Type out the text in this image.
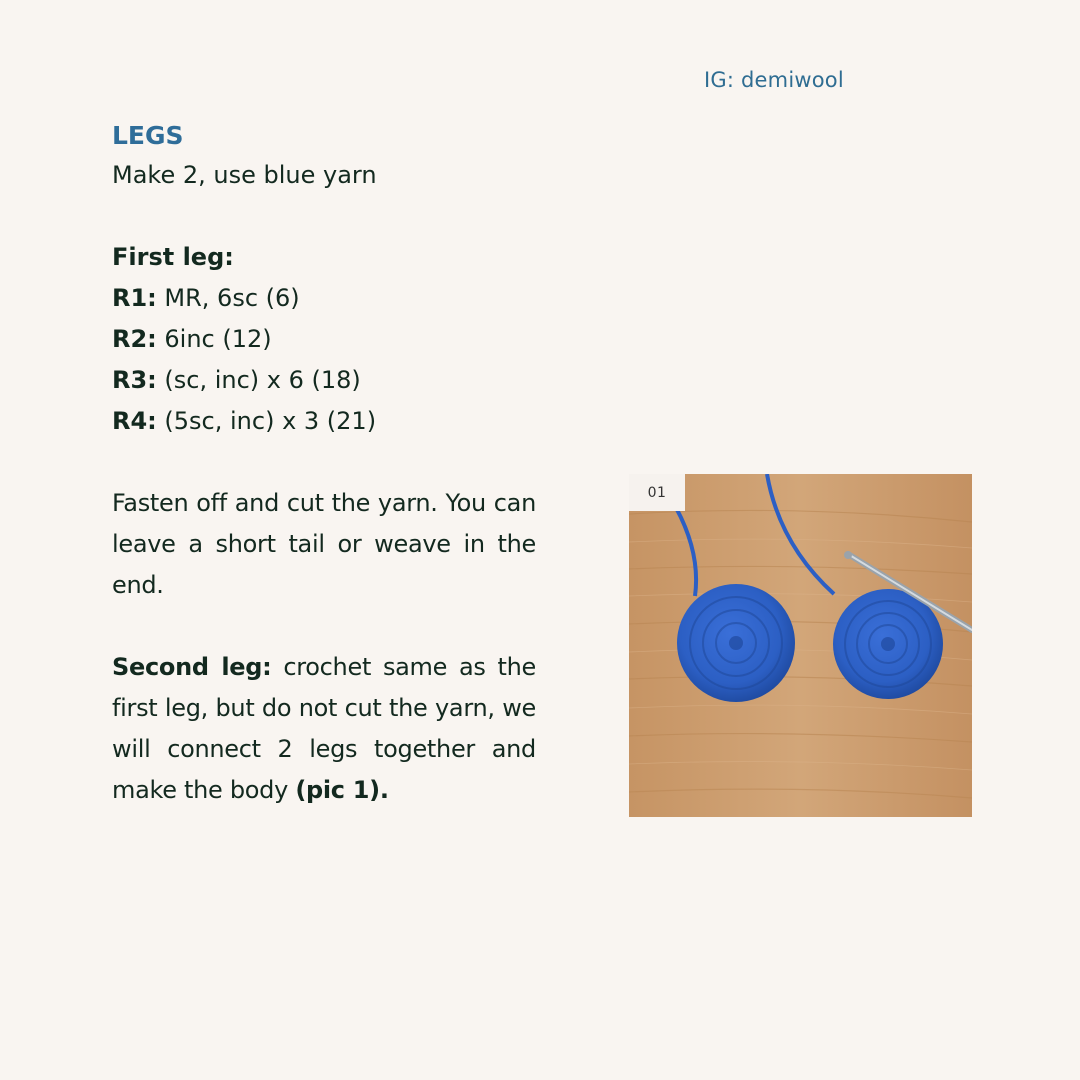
IG: demiwool
LEGS

Make 2, use blue yarn

First leg:

R1: MR, 6sc (6)

R2: 6inc (12)

R3: (sc, inc) x 6 (18)

R4: (5sc, inc) x 3 (21)

Fasten off and cut the yarn. You can leave a short tail or weave in the end.

Second leg: crochet same as the first leg, but do not cut the yarn, we will connect 2 legs together and make the body (pic 1).

01
